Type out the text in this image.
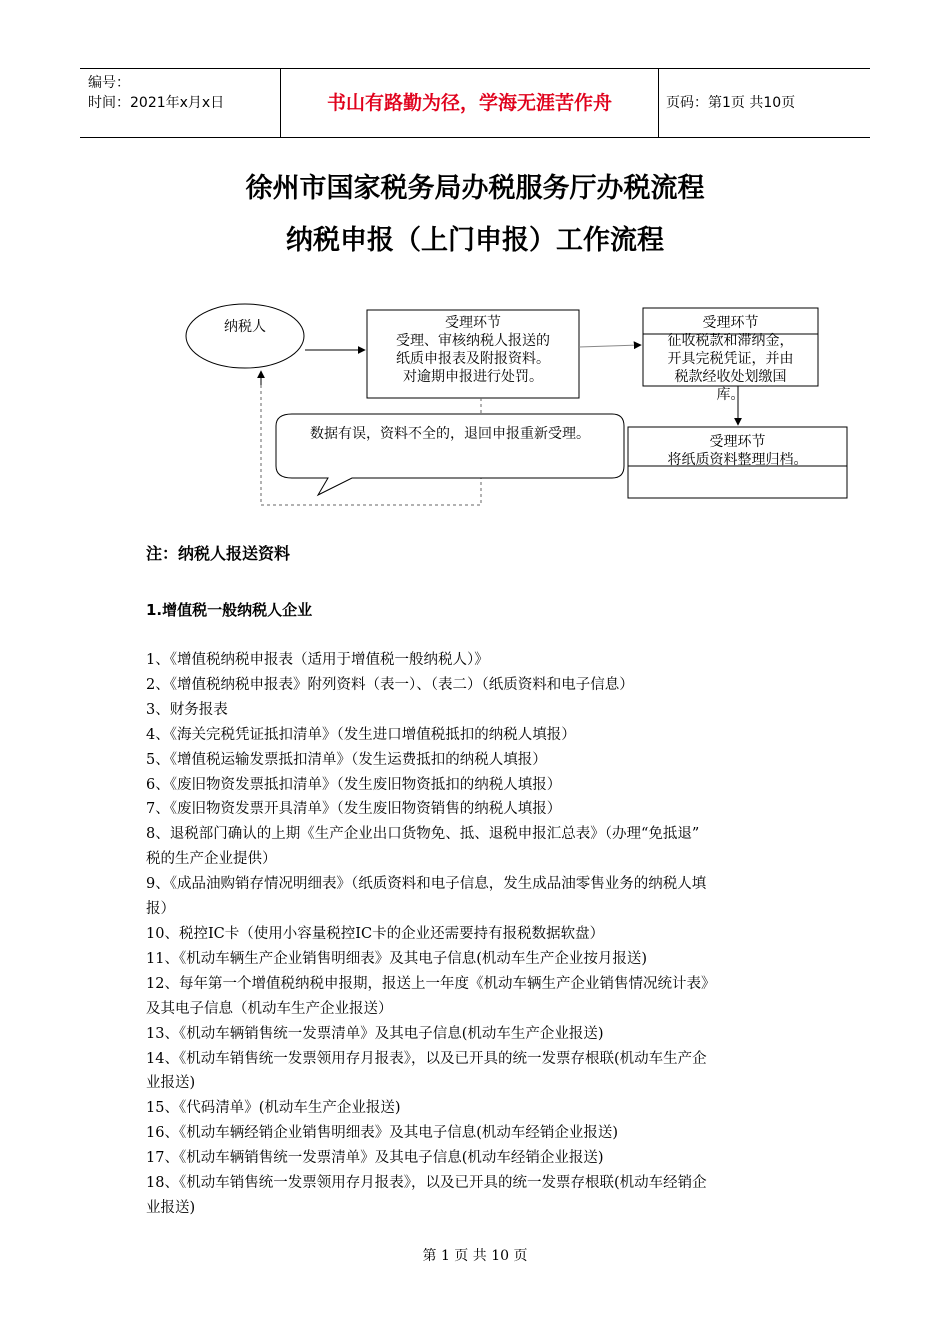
编号：
时间：2021年x月x日	书山有路勤为径，学海无涯苦作舟	页码：第1页 共10页
徐州市国家税务局办税服务厅办税流程
纳税申报（上门申报）工作流程
纳税人	受理环节
受理、审核纳税人报送的
纸质申报表及附报资料。
对逾期申报进行处罚。
受理环节
征收税款和滞纳金，
开具完税凭证，并由
税款经收处划缴国
库。
受理环节
将纸质资料整理归档。
数据有误，资料不全的，退回申报重新受理。
注：纳税人报送资料
1.增值税一般纳税人企业
1、《增值税纳税申报表（适用于增值税一般纳税人）》
2、《增值税纳税申报表》附列资料（表一）、（表二）（纸质资料和电子信息）
3、财务报表
4、《海关完税凭证抵扣清单》（发生进口增值税抵扣的纳税人填报）
5、《增值税运输发票抵扣清单》（发生运费抵扣的纳税人填报）
6、《废旧物资发票抵扣清单》（发生废旧物资抵扣的纳税人填报）
7、《废旧物资发票开具清单》（发生废旧物资销售的纳税人填报）
8、退税部门确认的上期《生产企业出口货物免、抵、退税申报汇总表》（办理“免抵退”
税的生产企业提供）
9、《成品油购销存情况明细表》（纸质资料和电子信息，发生成品油零售业务的纳税人填
报）
10、税控IC卡（使用小容量税控IC卡的企业还需要持有报税数据软盘）
11、《机动车辆生产企业销售明细表》及其电子信息(机动车生产企业按月报送)
12、每年第一个增值税纳税申报期，报送上一年度《机动车辆生产企业销售情况统计表》
及其电子信息（机动车生产企业报送）
13、《机动车辆销售统一发票清单》及其电子信息(机动车生产企业报送)
14、《机动车销售统一发票领用存月报表》，以及已开具的统一发票存根联(机动车生产企
业报送)
15、《代码清单》(机动车生产企业报送)
16、《机动车辆经销企业销售明细表》及其电子信息(机动车经销企业报送)
17、《机动车辆销售统一发票清单》及其电子信息(机动车经销企业报送)
18、《机动车销售统一发票领用存月报表》，以及已开具的统一发票存根联(机动车经销企
业报送)
第 1 页 共 10 页
